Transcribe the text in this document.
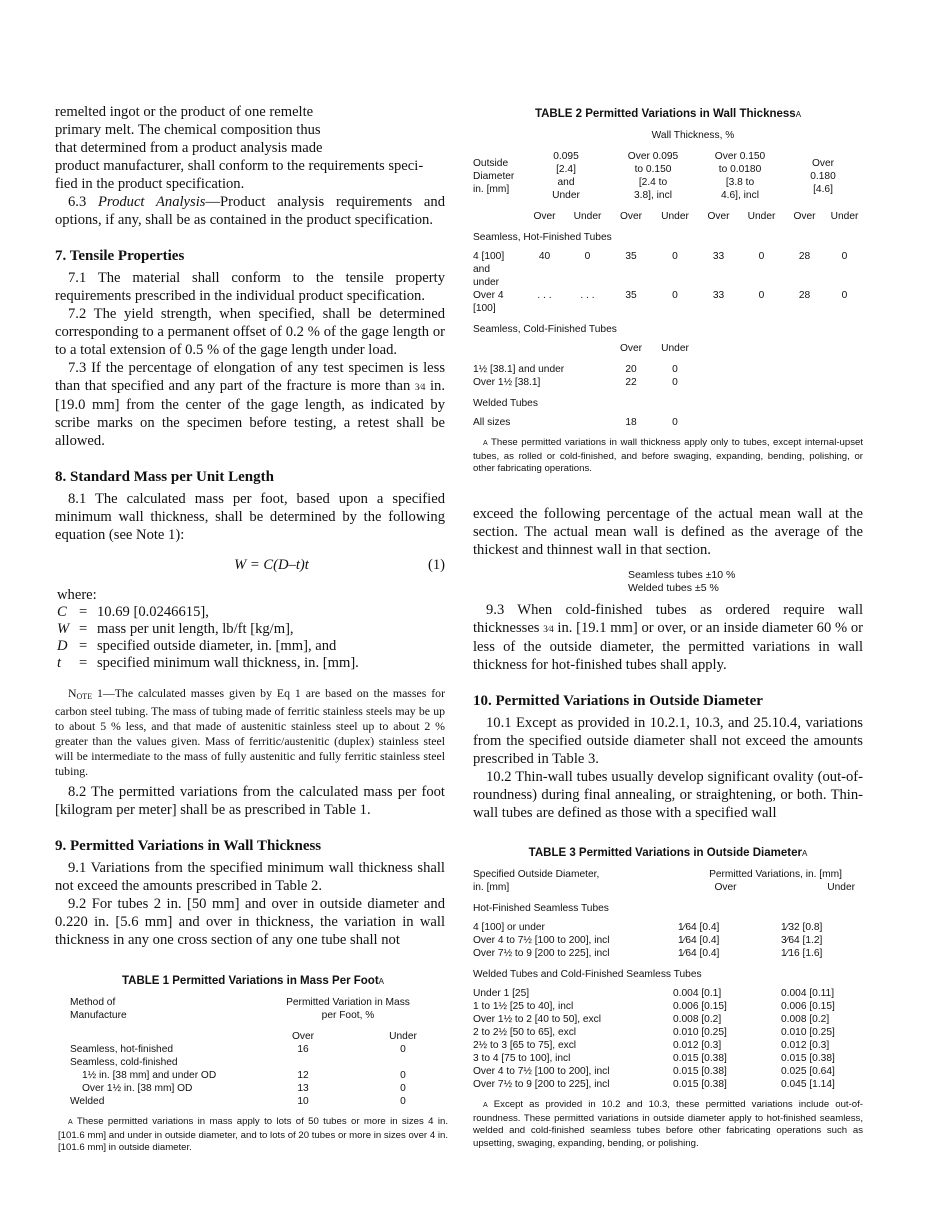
remelted ingot or the product of one remelte

primary melt. The chemical composition thus

that determined from a product analysis made

product manufacturer, shall conform to the requirements speci-

fied in the product specification.

6.3 Product Analysis—Product analysis requirements and options, if any, shall be as contained in the product specification.

7. Tensile Properties

7.1 The material shall conform to the tensile property requirements prescribed in the individual product specification.

7.2 The yield strength, when specified, shall be determined corresponding to a permanent offset of 0.2 % of the gage length or to a total extension of 0.5 % of the gage length under load.

7.3 If the percentage of elongation of any test specimen is less than that specified and any part of the fracture is more than 3⁄4 in. [19.0 mm] from the center of the gage length, as indicated by scribe marks on the specimen before testing, a retest shall be allowed.

8. Standard Mass per Unit Length

8.1 The calculated mass per foot, based upon a specified minimum wall thickness, shall be determined by the following equation (see Note 1):

W = C(D–t)t	(1)
where:
C	=	10.69 [0.0246615],
W	=	mass per unit length, lb/ft [kg/m],
D	=	specified outside diameter, in. [mm], and
t	=	specified minimum wall thickness, in. [mm].

$N_{OTE}$ 1—The calculated masses given by Eq 1 are based on the masses for carbon steel tubing. The mass of tubing made of ferritic stainless steels may be up to about 5 % less, and that made of austenitic stainless steel up to about 2 % greater than the values given. Mass of ferritic/austenitic (duplex) stainless steel will be intermediate to the mass of fully austenitic and fully ferritic stainless steel tubing.

8.2 The permitted variations from the calculated mass per foot [kilogram per meter] shall be as prescribed in Table 1.

9. Permitted Variations in Wall Thickness

9.1 Variations from the specified minimum wall thickness shall not exceed the amounts prescribed in Table 2.

9.2 For tubes 2 in. [50 mm] and over in outside diameter and 0.220 in. [5.6 mm] and over in thickness, the variation in wall thickness in any one cross section of any one tube shall not

TABLE 1 Permitted Variations in Mass Per FootA
Method of
Manufacture

Permitted Variation in Mass
per Foot, %

	Over	Under
Seamless, hot-finished	16	0
Seamless, cold-finished		
1½ in. [38 mm] and under OD	12	0
Over 1½ in. [38 mm] OD	13	0
Welded	10	0

A These permitted variations in mass apply to lots of 50 tubes or more in sizes 4 in. [101.6 mm] and under in outside diameter, and to lots of 20 tubes or more in sizes over 4 in. [101.6 mm] in outside diameter.

TABLE 2 Permitted Variations in Wall ThicknessA
	Wall Thickness, %							

Outside
Diameter
in. [mm]

0.095
[2.4]
and
Under

Over 0.095
to 0.150
[2.4 to
3.8], incl

Over 0.150
to 0.0180
[3.8 to
4.6], incl

Over
0.180
[4.6]

	Over	Under	Over	Under	Over	Under	Over	Under
Seamless, Hot-Finished Tubes								

4 [100]
and
under	40	0	35	0	33	0	28	0

Over 4
[100]	. . .	. . .	35	0	33	0	28	0
Seamless, Cold-Finished Tubes								
	Over	Under	
1½ [38.1] and under	20	0	
Over 1½ [38.1]	22	0	
Welded Tubes			
All sizes	18	0	

A These permitted variations in wall thickness apply only to tubes, except internal-upset tubes, as rolled or cold-finished, and before swaging, expanding, bending, polishing, or other fabricating operations.

exceed the following percentage of the actual mean wall at the section. The actual mean wall is defined as the average of the thickest and thinnest wall in that section.

Seamless tubes ±10 %
Welded tubes ±5 %

9.3 When cold-finished tubes as ordered require wall thicknesses 3⁄4 in. [19.1 mm] or over, or an inside diameter 60 % or less of the outside diameter, the permitted variations in wall thickness for hot-finished tubes shall apply.

10. Permitted Variations in Outside Diameter

10.1 Except as provided in 10.2.1, 10.3, and 25.10.4, variations from the specified outside diameter shall not exceed the amounts prescribed in Table 3.

10.2 Thin-wall tubes usually develop significant ovality (out-of-roundness) during final annealing, or straightening, or both. Thin-wall tubes are defined as those with a specified wall

TABLE 3 Permitted Variations in Outside DiameterA
Specified Outside Diameter,
in. [mm]

Permitted Variations, in. [mm]
Over	Under

Hot-Finished Seamless Tubes		
4 [100] or under	1⁄64 [0.4]	1⁄32 [0.8]
Over 4 to 7½ [100 to 200], incl	1⁄64 [0.4]	3⁄64 [1.2]
Over 7½ to 9 [200 to 225], incl	1⁄64 [0.4]	1⁄16 [1.6]
Welded Tubes and Cold-Finished Seamless Tubes		
Under 1 [25]	0.004 [0.1]	0.004 [0.11]
1 to 1½ [25 to 40], incl	0.006 [0.15]	0.006 [0.15]
Over 1½ to 2 [40 to 50], excl	0.008 [0.2]	0.008 [0.2]
2 to 2½ [50 to 65], excl	0.010 [0.25]	0.010 [0.25]
2½ to 3 [65 to 75], excl	0.012 [0.3]	0.012 [0.3]
3 to 4 [75 to 100], incl	0.015 [0.38]	0.015 [0.38]
Over 4 to 7½ [100 to 200], incl	0.015 [0.38]	0.025 [0.64]
Over 7½ to 9 [200 to 225], incl	0.015 [0.38]	0.045 [1.14]

A Except as provided in 10.2 and 10.3, these permitted variations include out-of-roundness. These permitted variations in outside diameter apply to hot-finished seamless, welded and cold-finished seamless tubes before other fabricating operations such as upsetting, swaging, expanding, bending, or polishing.
